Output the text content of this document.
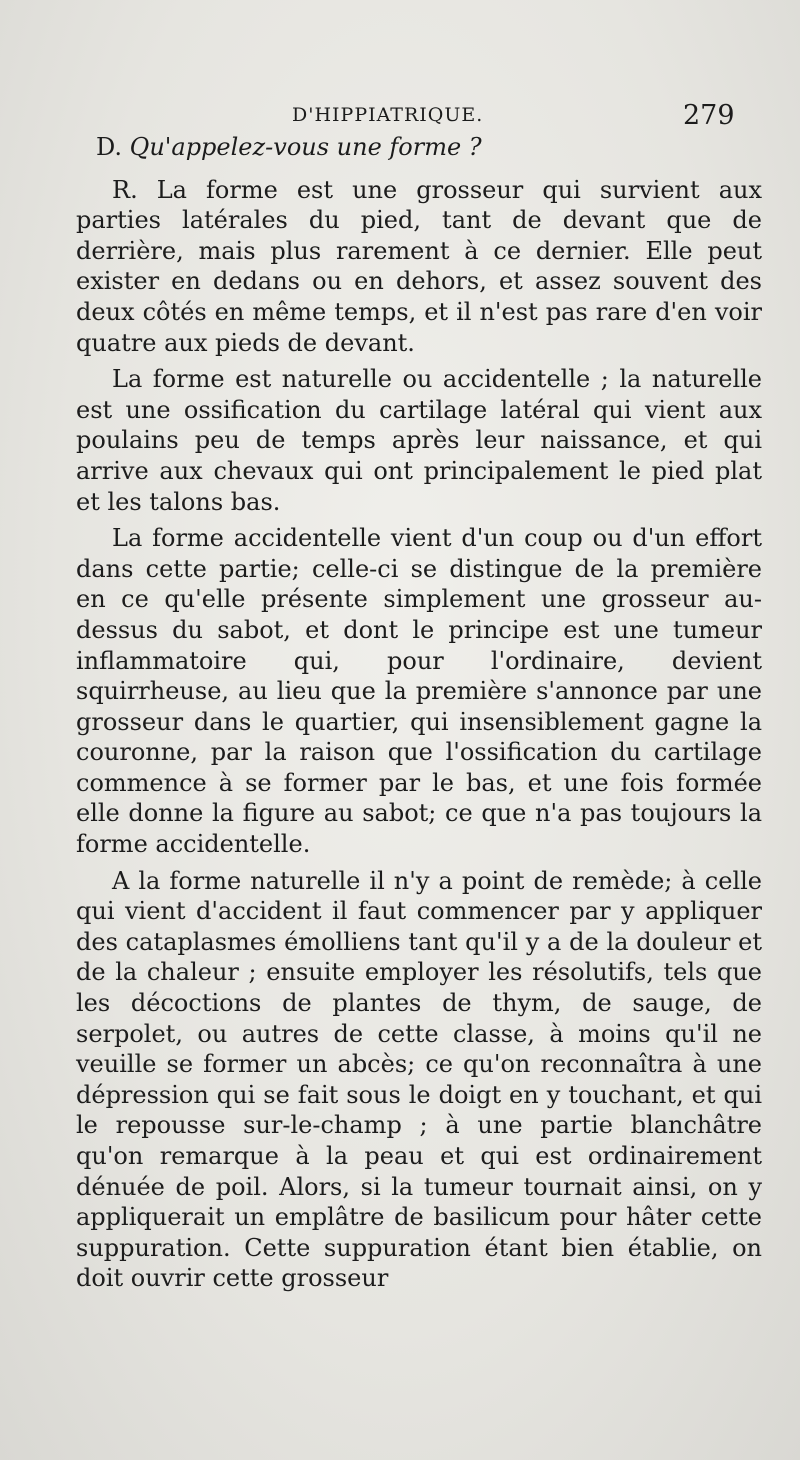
D'HIPPIATRIQUE.	279

D. Qu'appelez-vous une forme ?

R. La forme est une grosseur qui survient aux parties latérales du pied, tant de devant que de derrière, mais plus rarement à ce dernier. Elle peut exister en dedans ou en dehors, et assez souvent des deux côtés en même temps, et il n'est pas rare d'en voir quatre aux pieds de devant.

La forme est naturelle ou accidentelle ; la naturelle est une ossification du cartilage latéral qui vient aux poulains peu de temps après leur naissance, et qui arrive aux chevaux qui ont principalement le pied plat et les talons bas.

La forme accidentelle vient d'un coup ou d'un effort dans cette partie; celle-ci se distingue de la première en ce qu'elle présente simplement une grosseur au-dessus du sabot, et dont le principe est une tumeur inflammatoire qui, pour l'ordinaire, devient squirrheuse, au lieu que la première s'annonce par une grosseur dans le quartier, qui insensiblement gagne la couronne, par la raison que l'ossification du cartilage commence à se former par le bas, et une fois formée elle donne la figure au sabot; ce que n'a pas toujours la forme accidentelle.

A la forme naturelle il n'y a point de remède; à celle qui vient d'accident il faut commencer par y appliquer des cataplasmes émolliens tant qu'il y a de la douleur et de la chaleur ; ensuite employer les résolutifs, tels que les décoctions de plantes de thym, de sauge, de serpolet, ou autres de cette classe, à moins qu'il ne veuille se former un abcès; ce qu'on reconnaîtra à une dépression qui se fait sous le doigt en y touchant, et qui le repousse sur-le-champ ; à une partie blanchâtre qu'on remarque à la peau et qui est ordinairement dénuée de poil. Alors, si la tumeur tournait ainsi, on y appliquerait un emplâtre de basilicum pour hâter cette suppuration. Cette suppuration étant bien établie, on doit ouvrir cette grosseur
